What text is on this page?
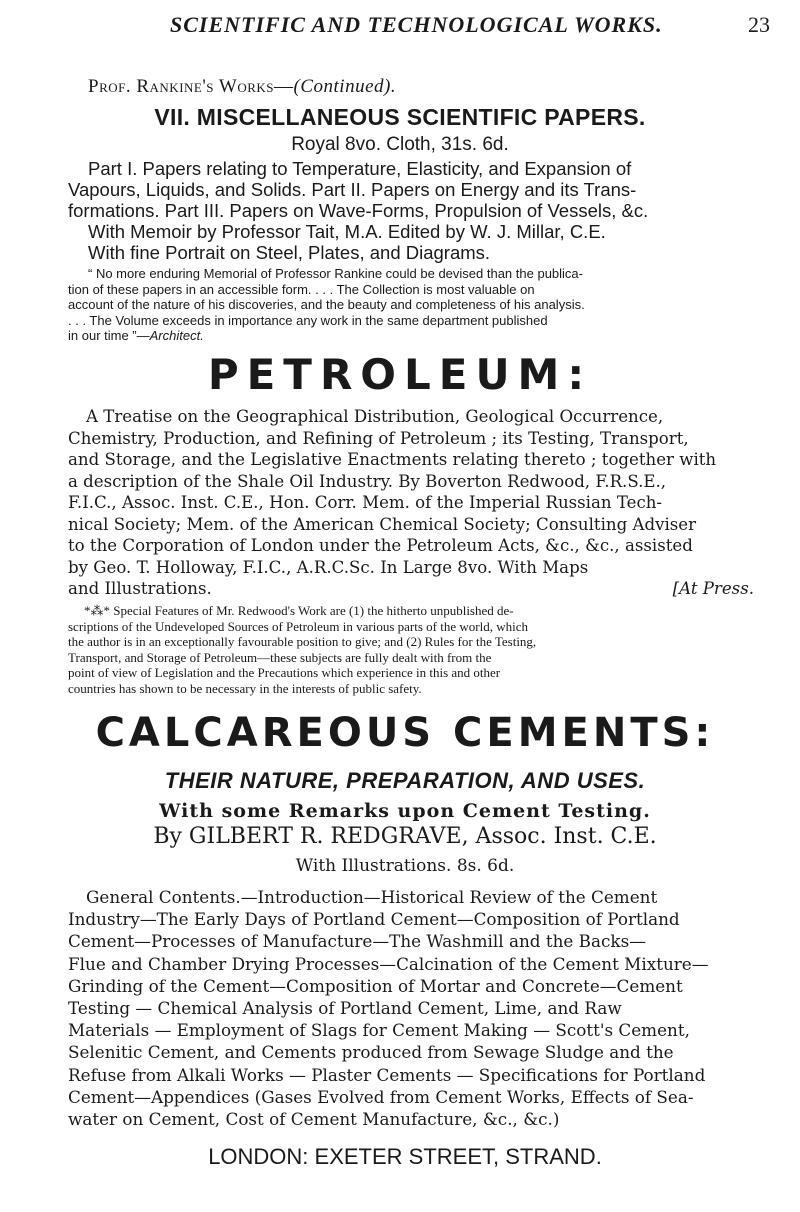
SCIENTIFIC AND TECHNOLOGICAL WORKS.	23
Prof. Rankine's Works—(Continued).
VII. MISCELLANEOUS SCIENTIFIC PAPERS.
Royal 8vo. Cloth, 31s. 6d.
Part I. Papers relating to Temperature, Elasticity, and Expansion of
Vapours, Liquids, and Solids. Part II. Papers on Energy and its Trans-
formations. Part III. Papers on Wave-Forms, Propulsion of Vessels, &c.
With Memoir by Professor Tait, M.A. Edited by W. J. Millar, C.E.
With fine Portrait on Steel, Plates, and Diagrams.
“ No more enduring Memorial of Professor Rankine could be devised than the publica-
tion of these papers in an accessible form. . . . The Collection is most valuable on
account of the nature of his discoveries, and the beauty and completeness of his analysis.
. . . The Volume exceeds in importance any work in the same department published
in our time ”—Architect.
PETROLEUM:
A Treatise on the Geographical Distribution, Geological Occurrence,
Chemistry, Production, and Refining of Petroleum ; its Testing, Transport,
and Storage, and the Legislative Enactments relating thereto ; together with
a description of the Shale Oil Industry. By Boverton Redwood, F.R.S.E.,
F.I.C., Assoc. Inst. C.E., Hon. Corr. Mem. of the Imperial Russian Tech-
nical Society; Mem. of the American Chemical Society; Consulting Adviser
to the Corporation of London under the Petroleum Acts, &c., &c., assisted
by Geo. T. Holloway, F.I.C., A.R.C.Sc. In Large 8vo. With Maps
and Illustrations.	[At Press.
*⁂* Special Features of Mr. Redwood's Work are (1) the hitherto unpublished de-
scriptions of the Undeveloped Sources of Petroleum in various parts of the world, which
the author is in an exceptionally favourable position to give; and (2) Rules for the Testing,
Transport, and Storage of Petroleum—these subjects are fully dealt with from the
point of view of Legislation and the Precautions which experience in this and other
countries has shown to be necessary in the interests of public safety.
CALCAREOUS CEMENTS:
THEIR NATURE, PREPARATION, AND USES.
With some Remarks upon Cement Testing.
By GILBERT R. REDGRAVE, Assoc. Inst. C.E.
With Illustrations. 8s. 6d.
General Contents.—Introduction—Historical Review of the Cement
Industry—The Early Days of Portland Cement—Composition of Portland
Cement—Processes of Manufacture—The Washmill and the Backs—
Flue and Chamber Drying Processes—Calcination of the Cement Mixture—
Grinding of the Cement—Composition of Mortar and Concrete—Cement
Testing — Chemical Analysis of Portland Cement, Lime, and Raw
Materials — Employment of Slags for Cement Making — Scott's Cement,
Selenitic Cement, and Cements produced from Sewage Sludge and the
Refuse from Alkali Works — Plaster Cements — Specifications for Portland
Cement—Appendices (Gases Evolved from Cement Works, Effects of Sea-
water on Cement, Cost of Cement Manufacture, &c., &c.)
LONDON: EXETER STREET, STRAND.
